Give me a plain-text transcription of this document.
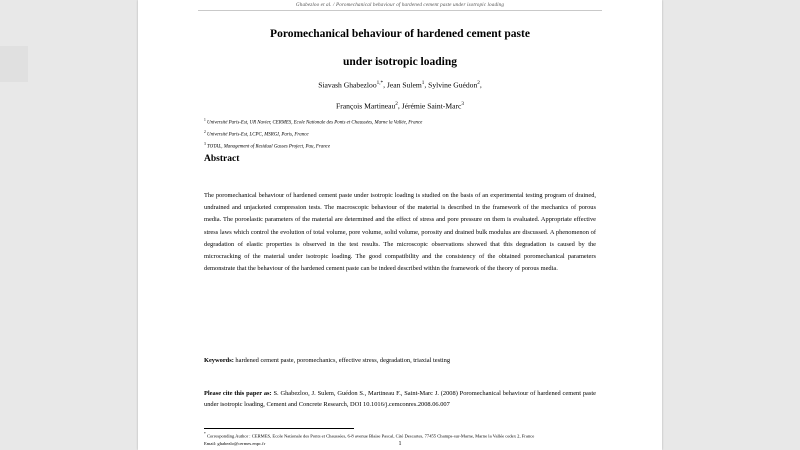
Ghabezloo et al. / Poromechanical behaviour of hardened cement paste under isotropic loading
Poromechanical behaviour of hardened cement paste
under isotropic loading
Siavash Ghabezloo$^{1,*}$, Jean Sulem$^1$, Sylvine Guédon$^2$,
François Martineau$^2$, Jérémie Saint-Marc$^3$
$^1$ Université Paris-Est, UR Navier, CERMES, Ecole Nationale des Ponts et Chaussées, Marne la Vallée, France
$^2$ Université Paris-Est, LCPC, MSRGI, Paris, France
$^3$ TOTAL, Management of Residual Gasses Project, Pau, France
Abstract
The poromechanical behaviour of hardened cement paste under isotropic loading is studied on the basis of an experimental testing program of drained, undrained and unjacketed compression tests. The macroscopic behaviour of the material is described in the framework of the mechanics of porous media. The poroelastic parameters of the material are determined and the effect of stress and pore pressure on them is evaluated. Appropriate effective stress laws which control the evolution of total volume, pore volume, solid volume, porosity and drained bulk modulus are discussed. A phenomenon of degradation of elastic properties is observed in the test results. The microscopic observations showed that this degradation is caused by the microcracking of the material under isotropic loading. The good compatibility and the consistency of the obtained poromechanical parameters demonstrate that the behaviour of the hardened cement paste can be indeed described within the framework of the theory of porous media.
Keywords: hardened cement paste, poromechanics, effective stress, degradation, triaxial testing
Please cite this paper as: S. Ghabezloo, J. Sulem, Guédon S., Martineau F., Saint-Marc J. (2008) Poromechanical behaviour of hardened cement paste under isotropic loading, Cement and Concrete Research, DOI 10.1016/j.cemconres.2008.06.007
* Corresponding Author : CERMES, Ecole Nationale des Ponts et Chaussées, 6-8 avenue Blaise Pascal, Cité Descartes, 77455 Champs-sur-Marne, Marne la Vallée cedex 2, France
Email: ghabezlo@cermes.enpc.fr	1
